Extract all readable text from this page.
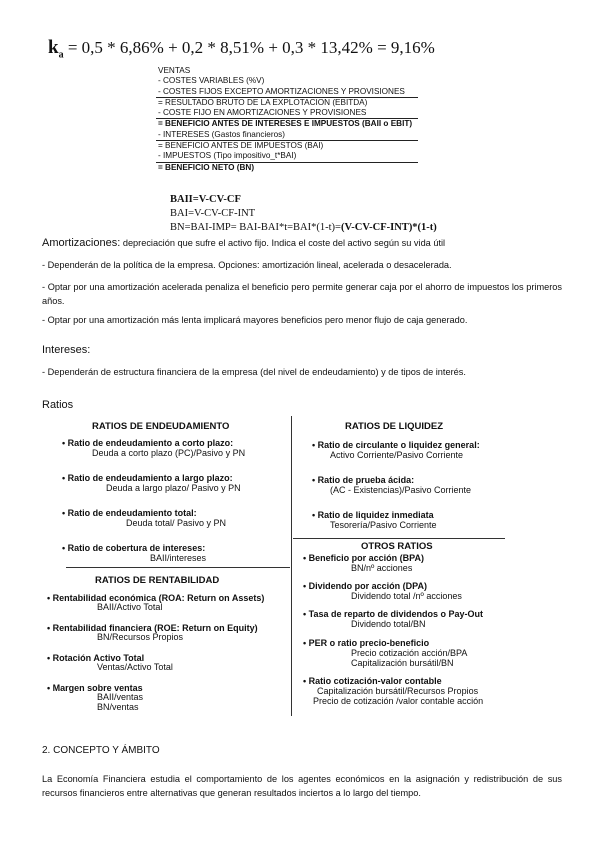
$k_a = 0,5 * 6,86\% + 0,2 * 8,51\% + 0,3 * 13,42\% = 9,16\%$
VENTAS
- COSTES VARIABLES (%V)
- COSTES FIJOS EXCEPTO AMORTIZACIONES Y PROVISIONES
= RESULTADO BRUTO DE LA EXPLOTACION (EBITDA)
- COSTE FIJO EN AMORTIZACIONES Y PROVISIONES
= BENEFICIO ANTES DE INTERESES E IMPUESTOS (BAII o EBIT)
- INTERESES (Gastos financieros)
= BENEFICIO ANTES DE IMPUESTOS (BAI)
- IMPUESTOS (Tipo impositivo_t*BAI)
= BENEFICIO NETO (BN)
BAII=V-CV-CF
BAI=V-CV-CF-INT
BN=BAI-IMP= BAI-BAI*t=BAI*(1-t)=(V-CV-CF-INT)*(1-t)
Amortizaciones: depreciación que sufre el activo fijo. Indica el coste del activo según su vida útil
- Dependerán de la política de la empresa. Opciones: amortización lineal, acelerada o desacelerada.
- Optar por una amortización acelerada penaliza el beneficio pero permite generar caja por el ahorro de impuestos los primeros años.
- Optar por una amortización más lenta implicará mayores beneficios pero menor flujo de caja generado.
Intereses:
- Dependerán de estructura financiera de la empresa (del nivel de endeudamiento) y de tipos de interés.
Ratios
RATIOS DE ENDEUDAMIENTO
• Ratio de endeudamiento a corto plazo:
Deuda a corto plazo (PC)/Pasivo y PN
• Ratio de endeudamiento a largo plazo:
Deuda a largo plazo/ Pasivo y PN
• Ratio de endeudamiento total:
Deuda total/ Pasivo y PN
• Ratio de cobertura de intereses:
BAII/intereses
RATIOS DE RENTABILIDAD
• Rentabilidad económica (ROA: Return on Assets)
BAII/Activo Total
• Rentabilidad financiera (ROE: Return on Equity)
BN/Recursos Propios
• Rotación Activo Total
Ventas/Activo Total
• Margen sobre ventas
BAII/ventas
BN/ventas
RATIOS DE LIQUIDEZ
• Ratio de circulante o liquidez general:
Activo Corriente/Pasivo Corriente
• Ratio de prueba ácida:
(AC - Existencias)/Pasivo Corriente
• Ratio de liquidez inmediata
Tesorería/Pasivo Corriente
OTROS RATIOS
• Beneficio por acción (BPA)
BN/nº acciones
• Dividendo por acción (DPA)
Dividendo total /nº acciones
• Tasa de reparto de dividendos o Pay-Out
Dividendo total/BN
• PER o ratio precio-beneficio
Precio cotización acción/BPA
Capitalización bursátil/BN
• Ratio cotización-valor contable
Capitalización bursátil/Recursos Propios
Precio de cotización /valor contable acción
2. CONCEPTO Y ÁMBITO
La Economía Financiera estudia el comportamiento de los agentes económicos en la asignación y redistribución de sus recursos financieros entre alternativas que generan resultados inciertos a lo largo del tiempo.
